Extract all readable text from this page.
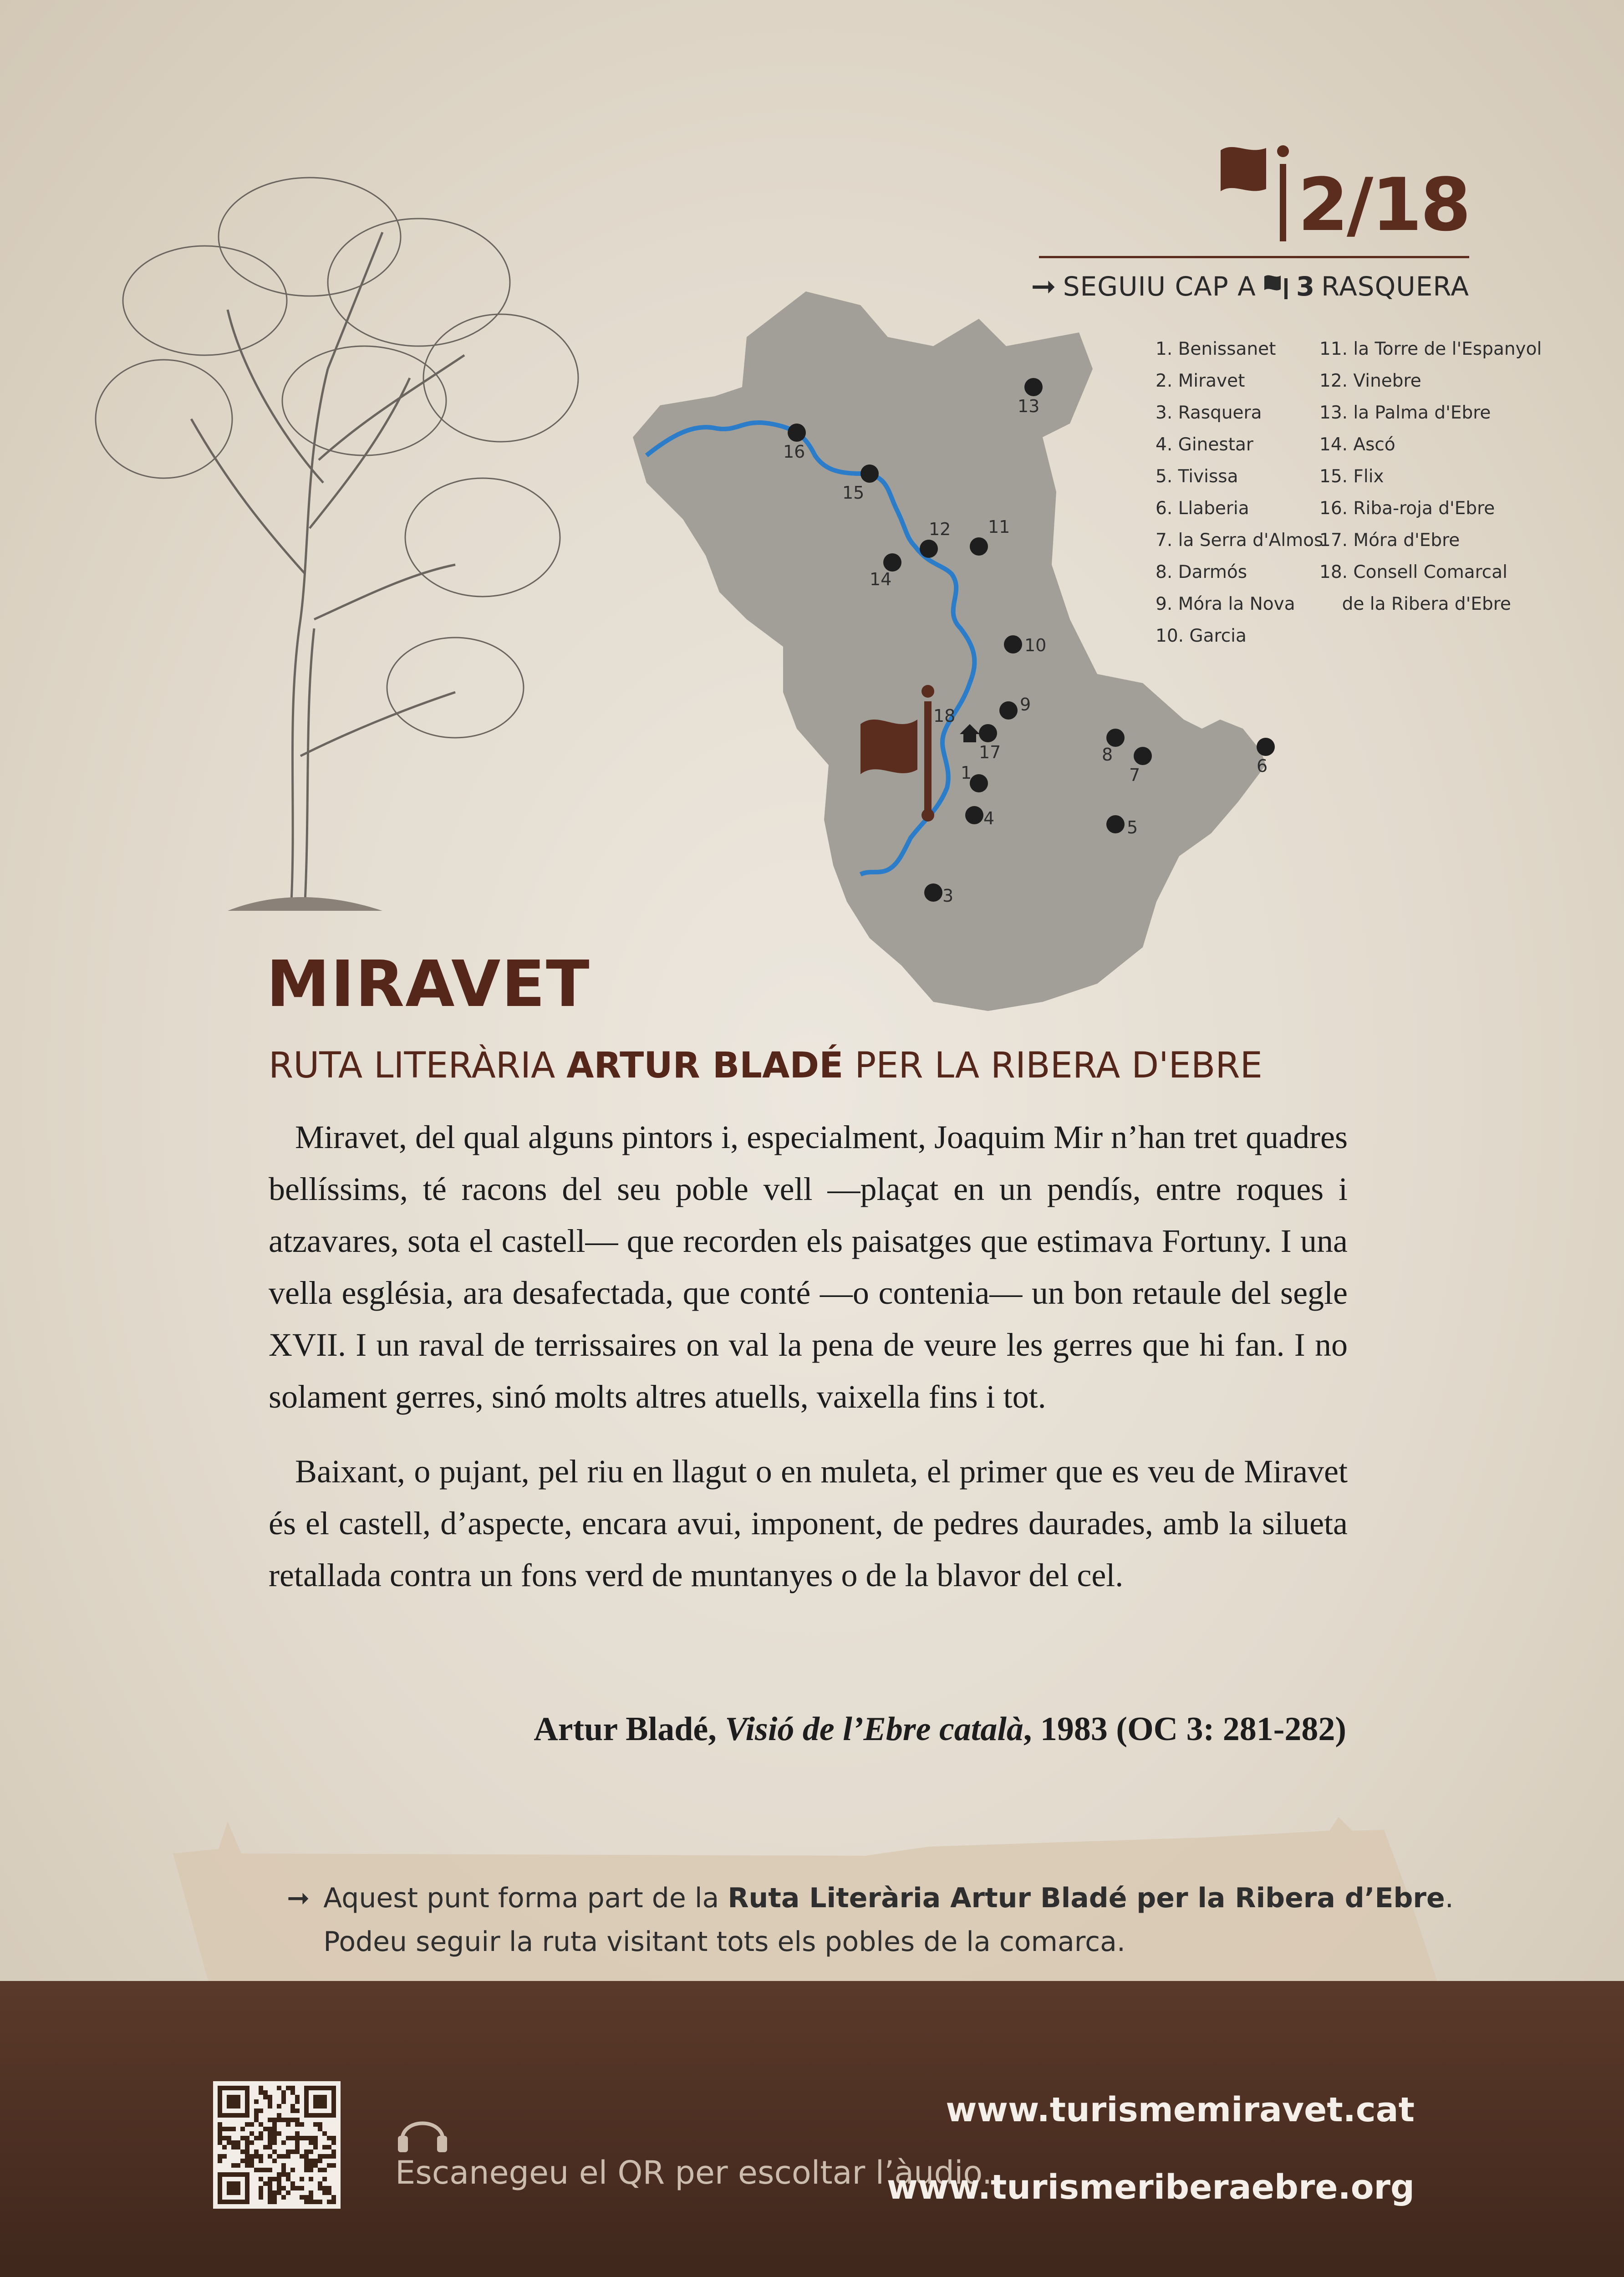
1
3
4	5
6
7
8
9
10
11
12
13
14
15
16
17
18
2/18
➞ SEGUIU CAP A 3 RASQUERA
1. Benissanet
2. Miravet
3. Rasquera
4. Ginestar
5. Tivissa
6. Llaberia
7. la Serra d'Almos
8. Darmós
9. Móra la Nova
10. Garcia
11. la Torre de l'Espanyol
12. Vinebre
13. la Palma d'Ebre
14. Ascó
15. Flix
16. Riba-roja d'Ebre
17. Móra d'Ebre
18. Consell Comarcal
de la Ribera d'Ebre
MIRAVET
RUTA LITERÀRIA ARTUR BLADÉ PER LA RIBERA D'EBRE

Miravet, del qual alguns pintors i, especialment, Joaquim Mir n’han tret quadres bellíssims, té racons del seu poble vell —plaçat en un pendís, entre roques i atzavares, sota el castell— que recorden els paisatges que estimava Fortuny. I una vella església, ara desafectada, que conté —o contenia— un bon retaule del segle XVII. I un raval de terrissaires on val la pena de veure les gerres que hi fan. I no solament gerres, sinó molts altres atuells, vaixella fins i tot.

Baixant, o pujant, pel riu en llagut o en muleta, el primer que es veu de Miravet és el castell, d’aspecte, encara avui, imponent, de pedres daurades, amb la silueta retallada contra un fons verd de muntanyes o de la blavor del cel.

Artur Bladé, Visió de l’Ebre català, 1983 (OC 3: 281-282)
➞ Aquest punt forma part de la Ruta Literària Artur Bladé per la Ribera d’Ebre.
Podeu seguir la ruta visitant tots els pobles de la comarca.
Escanegeu el QR per escoltar l’àudio.
www.turismemiravet.cat
www.turismeriberaebre.org
